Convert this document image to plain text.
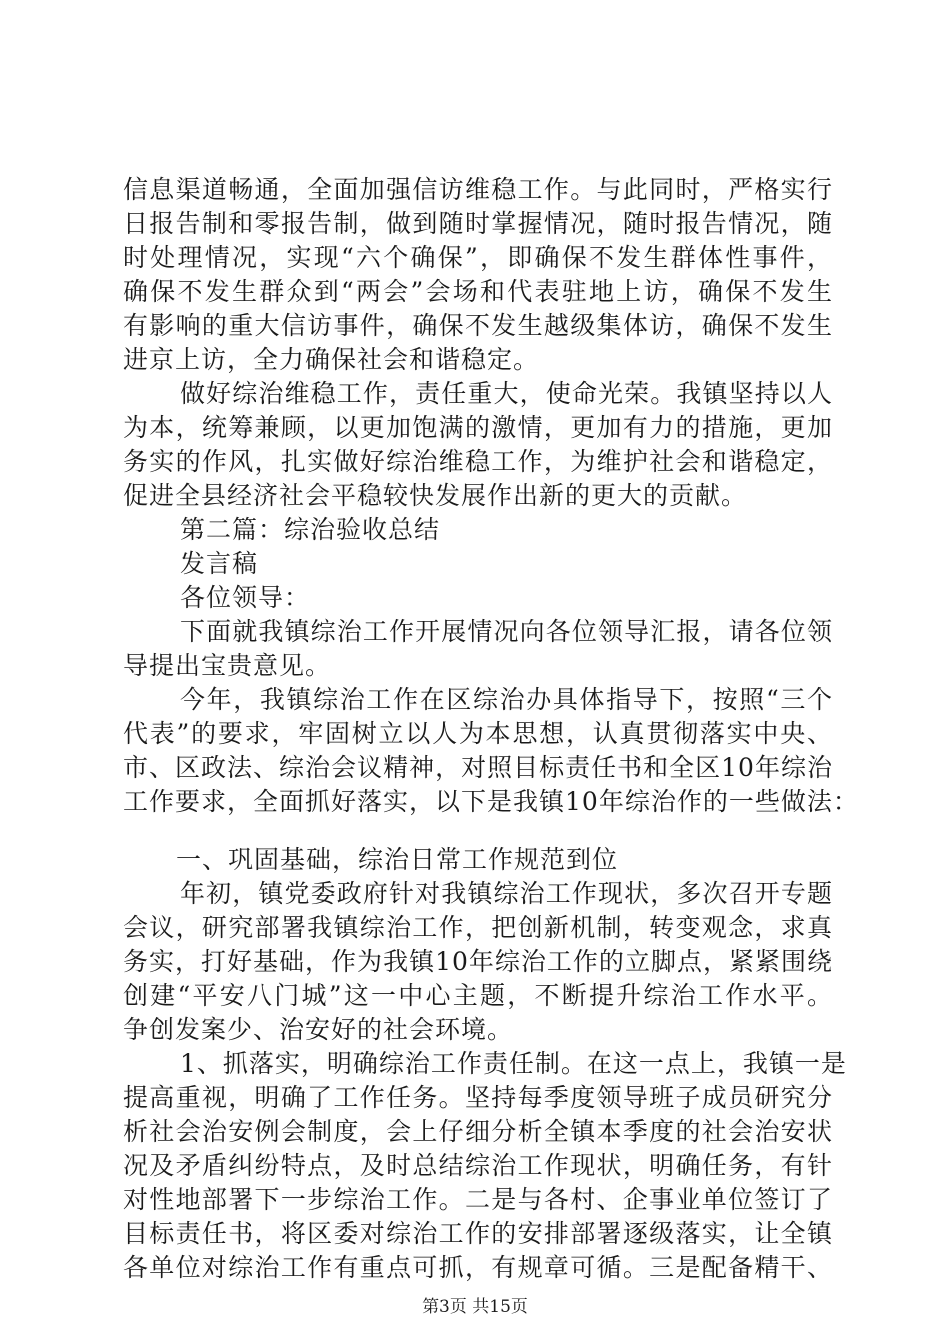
信息渠道畅通，全面加强信访维稳工作。与此同时，严格实行
日报告制和零报告制，做到随时掌握情况，随时报告情况，随
时处理情况，实现“六个确保”，即确保不发生群体性事件，
确保不发生群众到“两会”会场和代表驻地上访，确保不发生
有影响的重大信访事件，确保不发生越级集体访，确保不发生
进京上访，全力确保社会和谐稳定。
做好综治维稳工作，责任重大，使命光荣。我镇坚持以人
为本，统筹兼顾，以更加饱满的激情，更加有力的措施，更加
务实的作风，扎实做好综治维稳工作，为维护社会和谐稳定，
促进全县经济社会平稳较快发展作出新的更大的贡献。
第二篇：综治验收总结
发言稿
各位领导：
下面就我镇综治工作开展情况向各位领导汇报，请各位领
导提出宝贵意见。
今年，我镇综治工作在区综治办具体指导下，按照“三个
代表”的要求，牢固树立以人为本思想，认真贯彻落实中央、
市、区政法、综治会议精神，对照目标责任书和全区10年综治
工作要求，全面抓好落实，以下是我镇10年综治作的一些做法：
一、巩固基础，综治日常工作规范到位
年初，镇党委政府针对我镇综治工作现状，多次召开专题
会议，研究部署我镇综治工作，把创新机制，转变观念，求真
务实，打好基础，作为我镇10年综治工作的立脚点，紧紧围绕
创建“平安八门城”这一中心主题，不断提升综治工作水平。
争创发案少、治安好的社会环境。
1、抓落实，明确综治工作责任制。在这一点上，我镇一是
提高重视，明确了工作任务。坚持每季度领导班子成员研究分
析社会治安例会制度，会上仔细分析全镇本季度的社会治安状
况及矛盾纠纷特点，及时总结综治工作现状，明确任务，有针
对性地部署下一步综治工作。二是与各村、企事业单位签订了
目标责任书，将区委对综治工作的安排部署逐级落实，让全镇
各单位对综治工作有重点可抓，有规章可循。三是配备精干、
第3页 共15页
